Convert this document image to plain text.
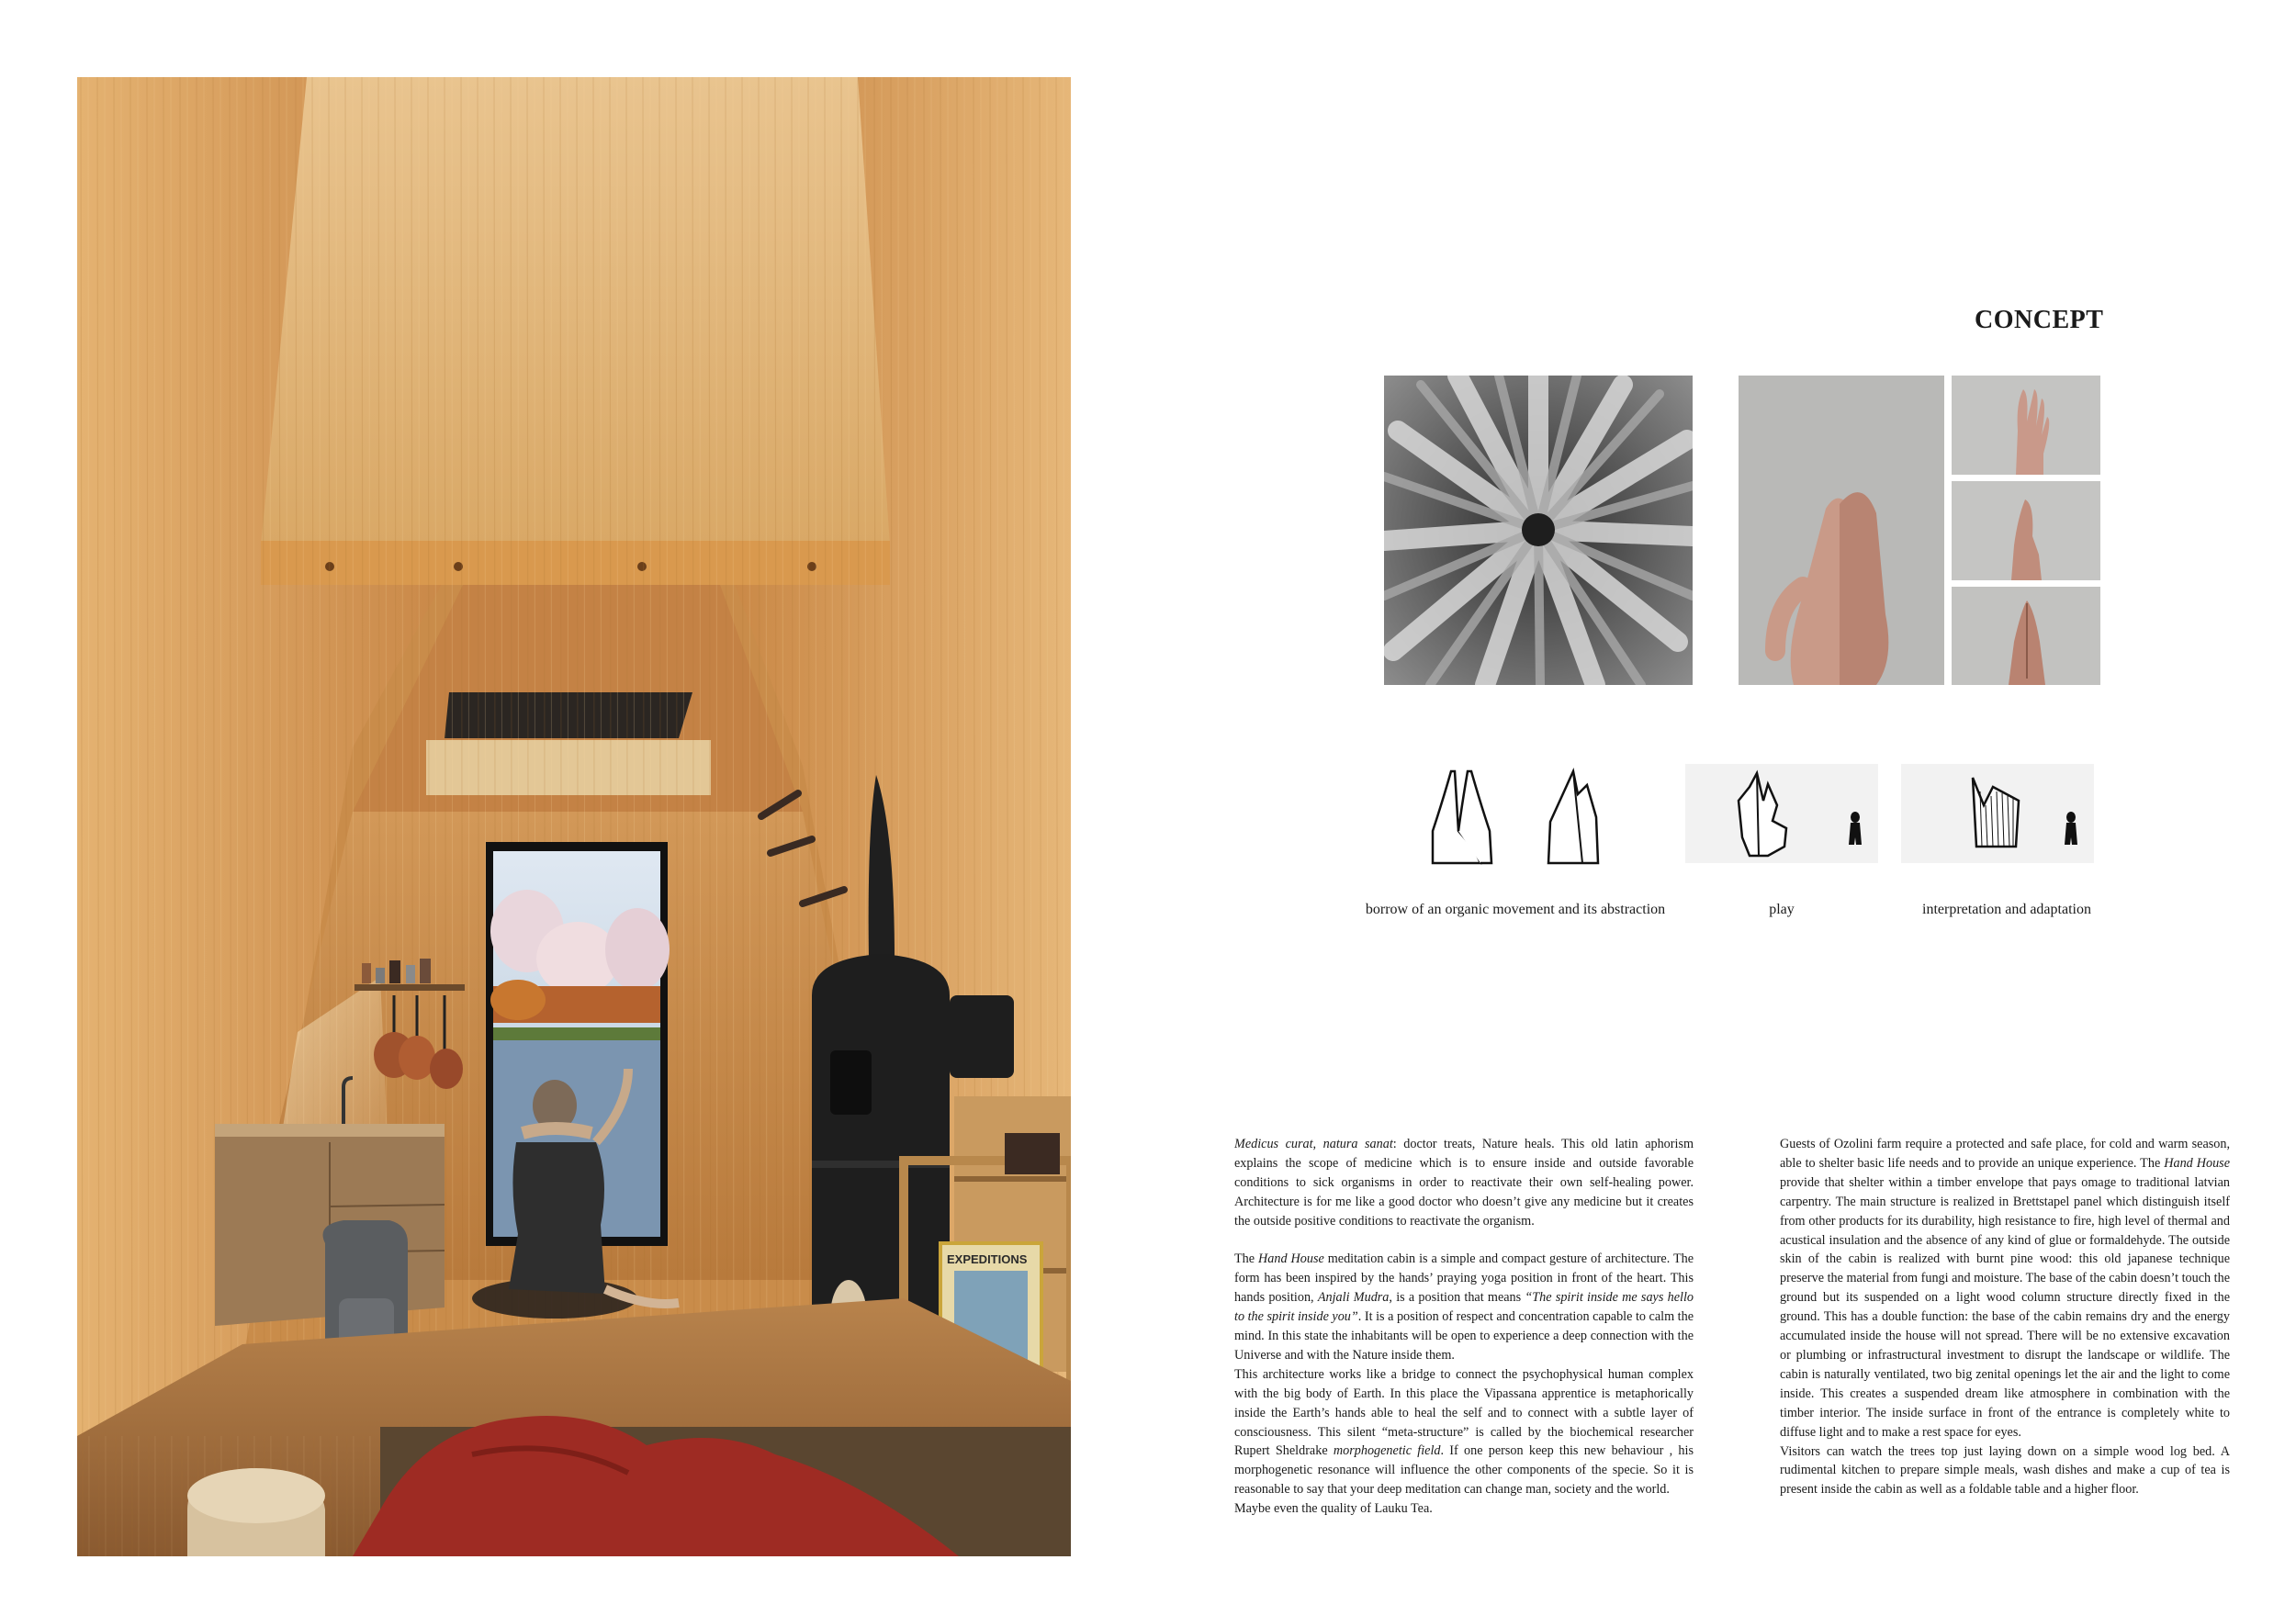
EXPEDITIONS
CONCEPT
borrow of an organic movement and its abstraction	play	interpretation and adaptation

Medicus curat, natura sanat: doctor treats, Nature heals. This old latin aphorism explains the scope of medicine which is to ensure inside and outside favorable conditions to sick organisms in order to reactivate their own self-healing power. Architecture is for me like a good doctor who doesn’t give any medicine but it creates the outside positive conditions to reactivate the organism.

The Hand House meditation cabin is a simple and compact gesture of architecture. The form has been inspired by the hands’ praying yoga position in front of the heart. This hands position, Anjali Mudra, is a position that means “The spirit inside me says hello to the spirit inside you”. It is a position of respect and concentration capable to calm the mind. In this state the inhabitants will be open to experience a deep connection with the Universe and with the Nature inside them.

This architecture works like a bridge to connect the psychophysical human complex with the big body of Earth. In this place the Vipassana apprentice is metaphorically inside the Earth’s hands able to heal the self and to connect with a subtle layer of consciousness. This silent “meta-structure” is called by the biochemical researcher Rupert Sheldrake morphogenetic field. If one person keep this new behaviour , his morphogenetic resonance will influence the other components of the specie. So it is reasonable to say that your deep meditation can change man, society and the world.

Maybe even the quality of Lauku Tea.

Guests of Ozolini farm require a protected and safe place, for cold and warm season, able to shelter basic life needs and to provide an unique experience. The Hand House provide that shelter within a timber envelope that pays omage to traditional latvian carpentry. The main structure is realized in Brettstapel panel which distinguish itself from other products for its durability, high resistance to fire, high level of thermal and acustical insulation and the absence of any kind of glue or formaldehyde. The outside skin of the cabin is realized with burnt pine wood: this old japanese technique preserve the material from fungi and moisture. The base of the cabin doesn’t touch the ground but its suspended on a light wood column structure directly fixed in the ground. This has a double function: the base of the cabin remains dry and the energy accumulated inside the house will not spread. There will be no extensive excavation or plumbing or infrastructural investment to disrupt the landscape or wildlife. The cabin is naturally ventilated, two big zenital openings let the air and the light to come inside. This creates a suspended dream like atmosphere in combination with the timber interior. The inside surface in front of the entrance is completely white to diffuse light and to make a rest space for eyes.

Visitors can watch the trees top just laying down on a simple wood log bed. A rudimental kitchen to prepare simple meals, wash dishes and make a cup of tea is present inside the cabin as well as a foldable table and a higher floor.
